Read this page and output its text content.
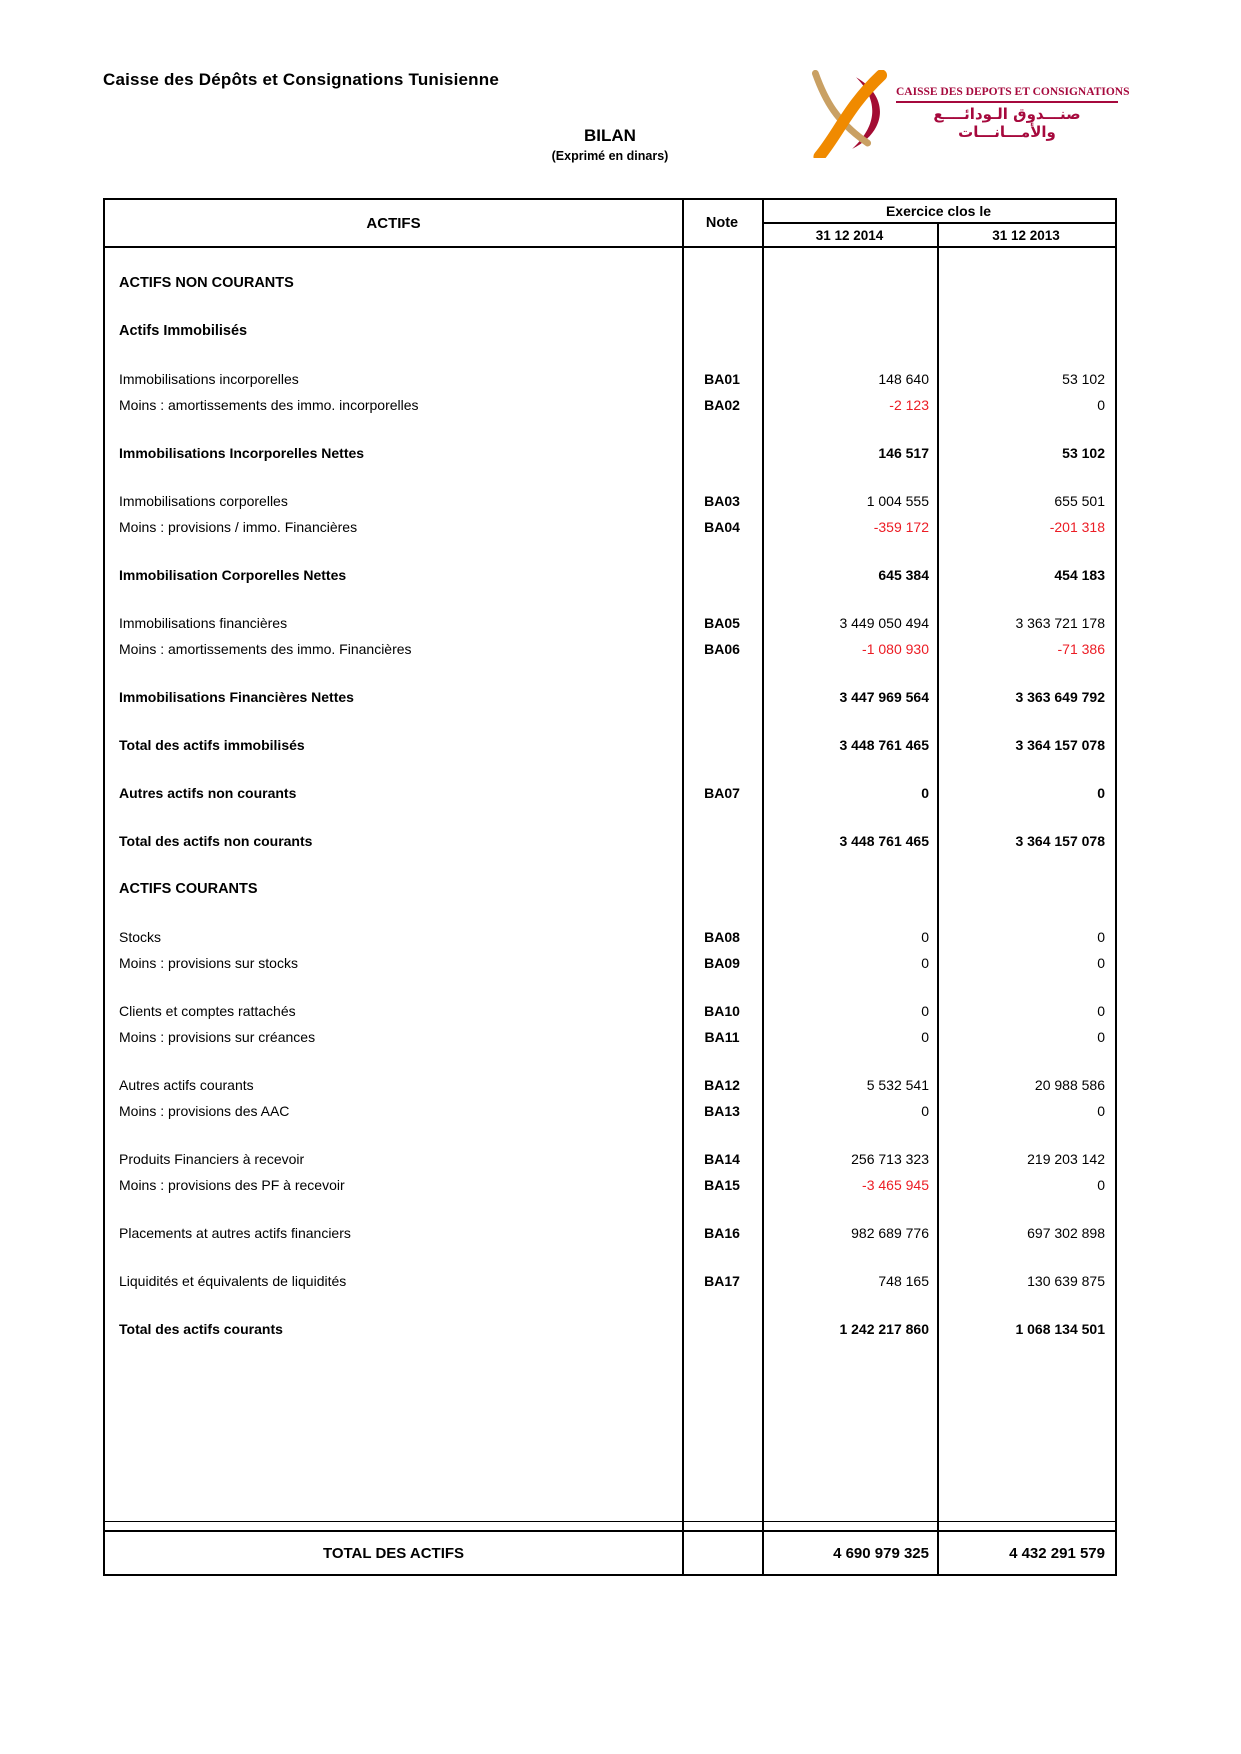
Caisse des Dépôts et Consignations Tunisienne
CAISSE DES DEPOTS ET CONSIGNATIONS
صنـــدوق الـودائــــع والأمـــانـــات
BILAN
(Exprimé en dinars)
ACTIFS	Note
Exercice clos le
31 12 2014	31 12 2013
ACTIFS NON COURANTS
Actifs Immobilisés
Immobilisations incorporelles	BA01	148 640	53 102
Moins : amortissements des immo. incorporelles	BA02	-2 123	0
Immobilisations Incorporelles Nettes	146 517	53 102
Immobilisations corporelles	BA03	1 004 555	655 501
Moins : provisions / immo. Financières	BA04	-359 172	-201 318
Immobilisation Corporelles Nettes	645 384	454 183
Immobilisations financières	BA05	3 449 050 494	3 363 721 178
Moins : amortissements des immo. Financières	BA06	-1 080 930	-71 386
Immobilisations Financières Nettes	3 447 969 564	3 363 649 792
Total des actifs immobilisés	3 448 761 465	3 364 157 078
Autres actifs non courants	BA07	0	0
Total des actifs non courants	3 448 761 465	3 364 157 078
ACTIFS COURANTS
Stocks	BA08	0	0
Moins : provisions sur stocks	BA09	0	0
Clients et comptes rattachés	BA10	0	0
Moins : provisions sur créances	BA11	0	0
Autres actifs courants	BA12	5 532 541	20 988 586
Moins : provisions des AAC	BA13	0	0
Produits Financiers à recevoir	BA14	256 713 323	219 203 142
Moins : provisions des PF à recevoir	BA15	-3 465 945	0
Placements at autres actifs financiers	BA16	982 689 776	697 302 898
Liquidités et équivalents de liquidités	BA17	748 165	130 639 875
Total des actifs courants	1 242 217 860	1 068 134 501
TOTAL DES ACTIFS	4 690 979 325	4 432 291 579
